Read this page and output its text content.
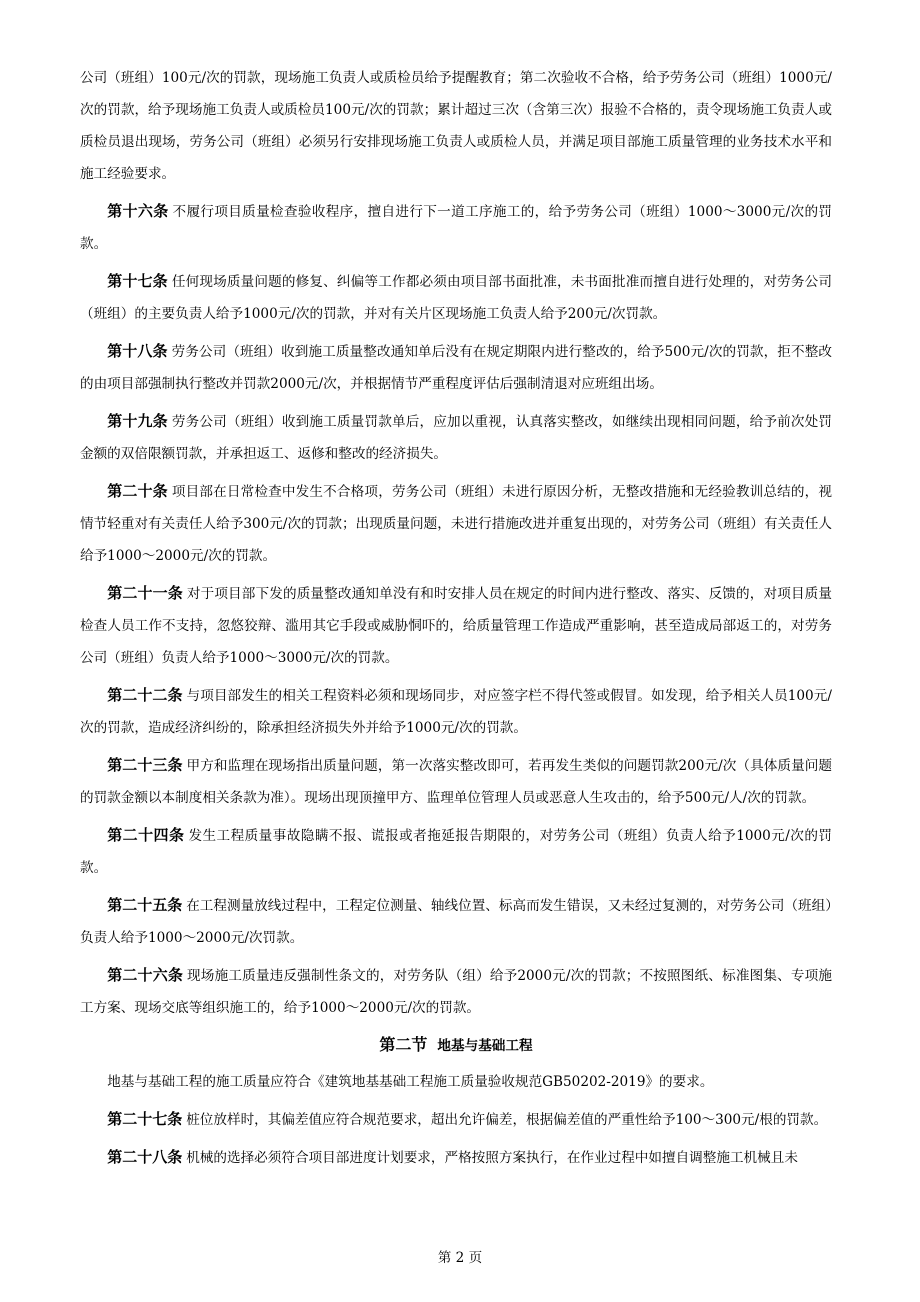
公司（班组）100元/次的罚款，现场施工负责人或质检员给予提醒教育；第二次验收不合格，给予劳务公司（班组）1000元/次的罚款，给予现场施工负责人或质检员100元/次的罚款；累计超过三次（含第三次）报验不合格的，责令现场施工负责人或质检员退出现场，劳务公司（班组）必须另行安排现场施工负责人或质检人员，并满足项目部施工质量管理的业务技术水平和施工经验要求。

第十六条 不履行项目质量检查验收程序，擅自进行下一道工序施工的，给予劳务公司（班组）1000～3000元/次的罚款。

第十七条 任何现场质量问题的修复、纠偏等工作都必须由项目部书面批准，未书面批准而擅自进行处理的，对劳务公司（班组）的主要负责人给予1000元/次的罚款，并对有关片区现场施工负责人给予200元/次罚款。

第十八条 劳务公司（班组）收到施工质量整改通知单后没有在规定期限内进行整改的，给予500元/次的罚款，拒不整改的由项目部强制执行整改并罚款2000元/次，并根据情节严重程度评估后强制清退对应班组出场。

第十九条 劳务公司（班组）收到施工质量罚款单后，应加以重视，认真落实整改，如继续出现相同问题，给予前次处罚金额的双倍限额罚款，并承担返工、返修和整改的经济损失。

第二十条 项目部在日常检查中发生不合格项，劳务公司（班组）未进行原因分析，无整改措施和无经验教训总结的，视情节轻重对有关责任人给予300元/次的罚款；出现质量问题，未进行措施改进并重复出现的，对劳务公司（班组）有关责任人给予1000～2000元/次的罚款。

第二十一条 对于项目部下发的质量整改通知单没有和时安排人员在规定的时间内进行整改、落实、反馈的，对项目质量检查人员工作不支持，忽悠狡辩、滥用其它手段或威胁恫吓的，给质量管理工作造成严重影响，甚至造成局部返工的，对劳务公司（班组）负责人给予1000～3000元/次的罚款。

第二十二条 与项目部发生的相关工程资料必须和现场同步，对应签字栏不得代签或假冒。如发现，给予相关人员100元/次的罚款，造成经济纠纷的，除承担经济损失外并给予1000元/次的罚款。

第二十三条 甲方和监理在现场指出质量问题，第一次落实整改即可，若再发生类似的问题罚款200元/次（具体质量问题的罚款金额以本制度相关条款为准）。现场出现顶撞甲方、监理单位管理人员或恶意人生攻击的，给予500元/人/次的罚款。

第二十四条 发生工程质量事故隐瞒不报、谎报或者拖延报告期限的，对劳务公司（班组）负责人给予1000元/次的罚款。

第二十五条 在工程测量放线过程中，工程定位测量、轴线位置、标高而发生错误，又未经过复测的，对劳务公司（班组）负责人给予1000～2000元/次罚款。

第二十六条 现场施工质量违反强制性条文的，对劳务队（组）给予2000元/次的罚款；不按照图纸、标准图集、专项施工方案、现场交底等组织施工的，给予1000～2000元/次的罚款。

第二节 地基与基础工程

地基与基础工程的施工质量应符合《建筑地基基础工程施工质量验收规范GB50202-2019》的要求。

第二十七条 桩位放样时，其偏差值应符合规范要求，超出允许偏差，根据偏差值的严重性给予100～300元/根的罚款。

第二十八条 机械的选择必须符合项目部进度计划要求，严格按照方案执行，在作业过程中如擅自调整施工机械且未

第 2 页
